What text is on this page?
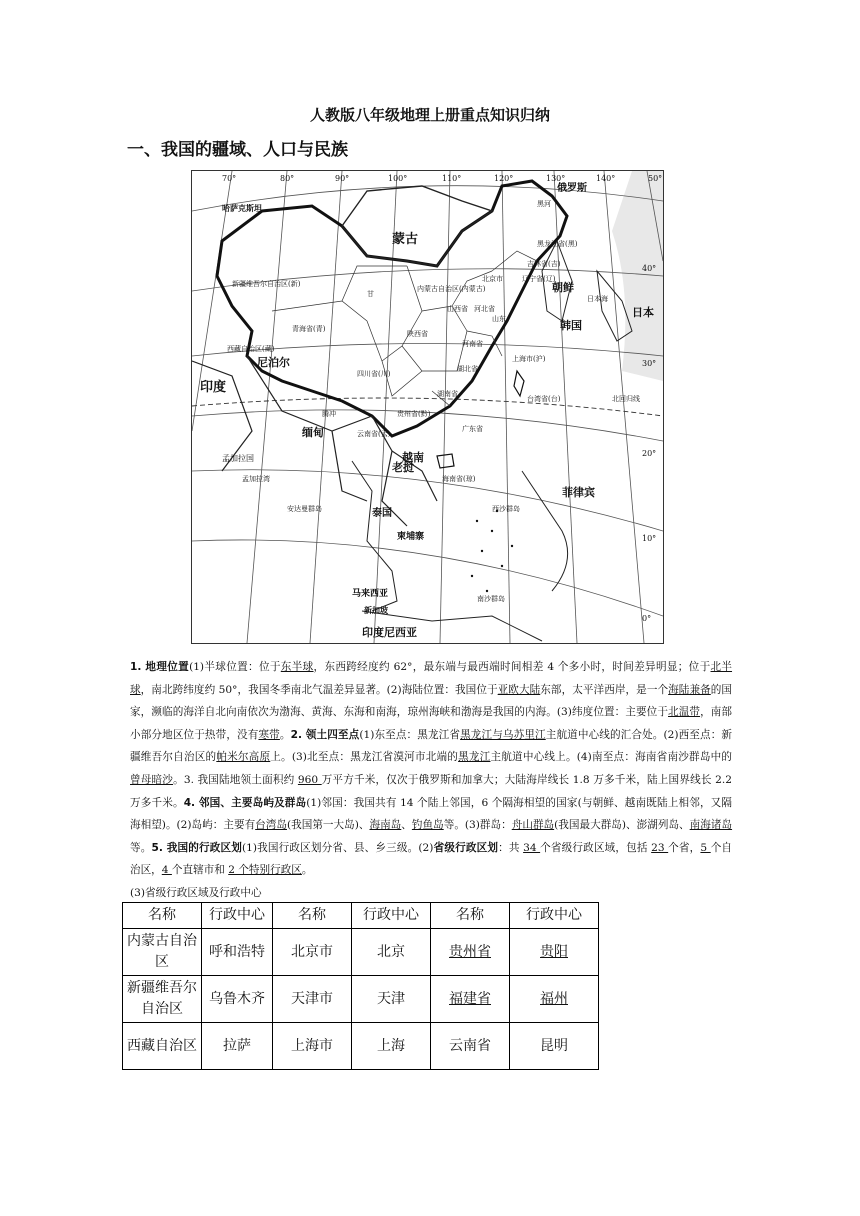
人教版八年级地理上册重点知识归纳
一、我国的疆域、人口与民族
70°	80°	90°	100°	110°	120°	130°	140°	50°
40°
30°
20°
10°
0°
蒙古
俄罗斯
哈萨克斯坦
印度
尼泊尔
缅甸
老挝
泰国
柬埔寨
越南
菲律宾
马来西亚
新加坡
印度尼西亚
日本
朝鲜
韩国
孟加拉国
新疆维吾尔自治区(新)
西藏自治区(藏)
青海省(青)
甘
内蒙古自治区(内蒙古)
黑龙江省(黑)
吉林省(吉)
辽宁省(辽)
四川省(川)
云南省(云)
贵州省(黔)
海南省(琼)
台湾省(台)
上海市(沪)
北京市
山西省 河北省
河南省
湖北省
湖南省
广东省
陕西省
山东
黑河
北回归线
日本海
南沙群岛
西沙群岛
安达曼群岛
孟加拉湾
腾冲
1. 地理位置(1)半球位置：位于东半球，东西跨经度约 62°，最东端与最西端时间相差 4 个多小时，时间差异明显；位于北半球，南北跨纬度约 50°，我国冬季南北气温差异显著。(2)海陆位置：我国位于亚欧大陆东部，太平洋西岸，是一个海陆兼备的国家，濒临的海洋自北向南依次为渤海、黄海、东海和南海，琼州海峡和渤海是我国的内海。(3)纬度位置：主要位于北温带，南部小部分地区位于热带，没有寒带。2. 领土四至点(1)东至点：黑龙江省黑龙江与乌苏里江主航道中心线的汇合处。(2)西至点：新疆维吾尔自治区的帕米尔高原上。(3)北至点：黑龙江省漠河市北端的黑龙江主航道中心线上。(4)南至点：海南省南沙群岛中的曾母暗沙。3. 我国陆地领土面积约 960 万平方千米，仅次于俄罗斯和加拿大；大陆海岸线长 1.8 万多千米，陆上国界线长 2.2 万多千米。4. 邻国、主要岛屿及群岛(1)邻国：我国共有 14 个陆上邻国，6 个隔海相望的国家(与朝鲜、越南既陆上相邻，又隔海相望)。(2)岛屿：主要有台湾岛(我国第一大岛)、海南岛、钓鱼岛等。(3)群岛：舟山群岛(我国最大群岛)、澎湖列岛、南海诸岛等。5. 我国的行政区划(1)我国行政区划分省、县、乡三级。(2)省级行政区划：共 34 个省级行政区域，包括 23 个省，5 个自治区，4 个直辖市和 2 个特别行政区。
(3)省级行政区域及行政中心
名称	行政中心	名称	行政中心	名称	行政中心
内蒙古自治区	呼和浩特	北京市	北京	贵州省	贵阳
新疆维吾尔自治区	乌鲁木齐	天津市	天津	福建省	福州
西藏自治区	拉萨	上海市	上海	云南省	昆明
